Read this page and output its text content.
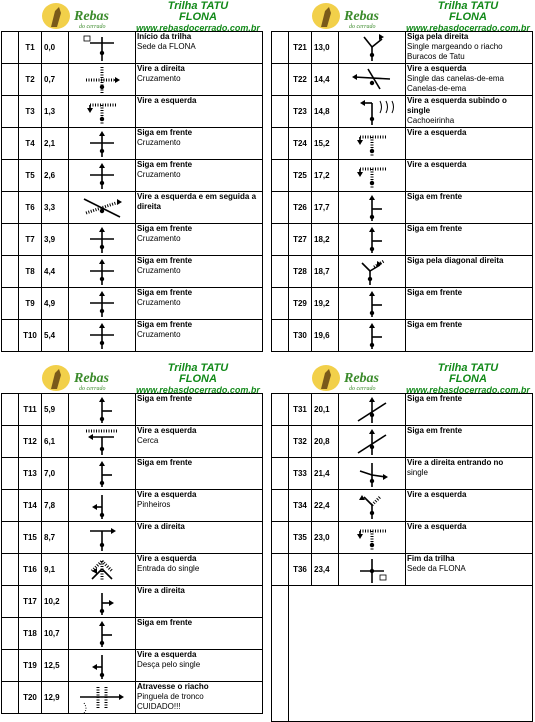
Rebas
do cerrado
Trilha TATU
FLONA
www.rebasdocerrado.com.br
	T1	0,0		Início da trilha
Sede da FLONA

	T2	0,7		Vire a direita
Cruzamento

	T3	1,3		Vire a esquerda

	T4	2,1		Siga em frente
Cruzamento

	T5	2,6		Siga em frente
Cruzamento

	T6	3,3		Vire a esquerda e em seguida a direita

	T7	3,9		Siga em frente
Cruzamento

	T8	4,4		Siga em frente
Cruzamento

	T9	4,9		Siga em frente
Cruzamento

	T10	5,4		Siga em frente
Cruzamento
Rebas
do cerrado
Trilha TATU
FLONA
www.rebasdocerrado.com.br
	T21	13,0		Siga pela direita
Single margeando o riacho
Buracos de Tatu

	T22	14,4		Vire a esquerda
Single das canelas-de-ema
Canelas-de-ema

	T23	14,8		Vire a esquerda subindo o single
Cachoeirinha

	T24	15,2		Vire a esquerda

	T25	17,2		Vire a esquerda

	T26	17,7		Siga em frente

	T27	18,2		Siga em frente

	T28	18,7		Siga pela diagonal direita

	T29	19,2		Siga em frente

	T30	19,6		Siga em frente
Rebas
do cerrado
Trilha TATU
FLONA
www.rebasdocerrado.com.br
	T11	5,9		Siga em frente

	T12	6,1		Vire a esquerda
Cerca

	T13	7,0		Siga em frente

	T14	7,8		Vire a esquerda
Pinheiros

	T15	8,7		Vire a direita

	T16	9,1		Vire a esquerda
Entrada do single

	T17	10,2		Vire a direita

	T18	10,7		Siga em frente

	T19	12,5		Vire a esquerda
Desça pelo single

	T20	12,9		Atravesse o riacho
Pinguela de tronco
CUIDADO!!!
Rebas
do cerrado
Trilha TATU
FLONA
www.rebasdocerrado.com.br
	T31	20,1		Siga em frente

	T32	20,8		Siga em frente

	T33	21,4		Vire a direita entrando no
single

	T34	22,4		Vire a esquerda

	T35	23,0		Vire a esquerda

	T36	23,4		Fim da trilha
Sede da FLONA
